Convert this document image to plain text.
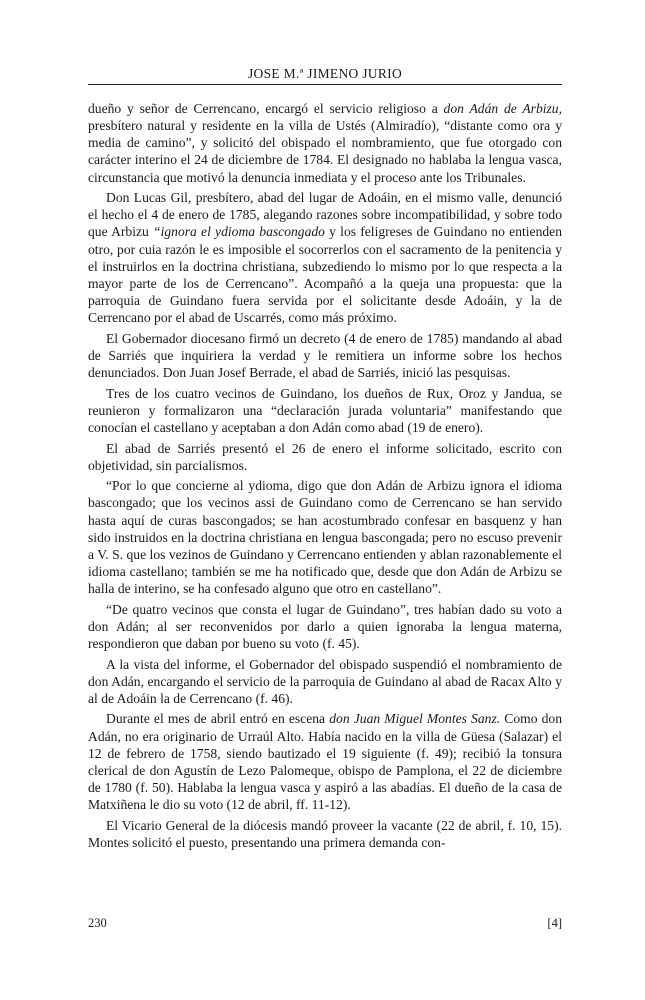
JOSE M.ª JIMENO JURIO

dueño y señor de Cerrencano, encargó el servicio religioso a don Adán de Arbizu, presbítero natural y residente en la villa de Ustés (Almiradío), “distante como ora y media de camino”, y solicitó del obispado el nombramiento, que fue otorgado con carácter interino el 24 de diciembre de 1784. El designado no hablaba la lengua vasca, circunstancia que motivó la denuncia inmediata y el proceso ante los Tribunales.

Don Lucas Gil, presbítero, abad del lugar de Adoáin, en el mismo valle, denunció el hecho el 4 de enero de 1785, alegando razones sobre incompatibilidad, y sobre todo que Arbizu “ignora el ydioma bascongado y los feligreses de Guindano no entienden otro, por cuia razón le es imposible el socorrerlos con el sacramento de la penitencia y el instruirlos en la doctrina christiana, subzediendo lo mismo por lo que respecta a la mayor parte de los de Cerrencano”. Acompañó a la queja una propuesta: que la parroquia de Guindano fuera servida por el solicitante desde Adoáin, y la de Cerrencano por el abad de Uscarrés, como más próximo.

El Gobernador diocesano firmó un decreto (4 de enero de 1785) mandando al abad de Sarriés que inquiriera la verdad y le remitiera un informe sobre los hechos denunciados. Don Juan Josef Berrade, el abad de Sarriés, inició las pesquisas.

Tres de los cuatro vecinos de Guindano, los dueños de Rux, Oroz y Jandua, se reunieron y formalizaron una “declaración jurada voluntaria” manifestando que conocían el castellano y aceptaban a don Adán como abad (19 de enero).

El abad de Sarriés presentó el 26 de enero el informe solicitado, escrito con objetividad, sin parcialismos.

“Por lo que concierne al ydioma, digo que don Adán de Arbizu ignora el idioma bascongado; que los vecinos assi de Guindano como de Cerrencano se han servido hasta aquí de curas bascongados; se han acostumbrado confesar en basquenz y han sido instruidos en la doctrina christiana en lengua bascongada; pero no escuso prevenir a V. S. que los vezinos de Guindano y Cerrencano entienden y ablan razonablemente el idioma castellano; también se me ha notificado que, desde que don Adán de Arbizu se halla de interino, se ha confesado alguno que otro en castellano”.

“De quatro vecinos que consta el lugar de Guindano”, tres habían dado su voto a don Adán; al ser reconvenidos por darlo a quien ignoraba la lengua materna, respondieron que daban por bueno su voto (f. 45).

A la vista del informe, el Gobernador del obispado suspendió el nombramiento de don Adán, encargando el servicio de la parroquia de Guindano al abad de Racax Alto y al de Adoáin la de Cerrencano (f. 46).

Durante el mes de abril entró en escena don Juan Miguel Montes Sanz. Como don Adán, no era originario de Urraúl Alto. Había nacido en la villa de Güesa (Salazar) el 12 de febrero de 1758, siendo bautizado el 19 siguiente (f. 49); recibió la tonsura clerical de don Agustín de Lezo Palomeque, obispo de Pamplona, el 22 de diciembre de 1780 (f. 50). Hablaba la lengua vasca y aspiró a las abadías. El dueño de la casa de Matxiñena le dio su voto (12 de abril, ff. 11-12).

El Vicario General de la diócesis mandó proveer la vacante (22 de abril, f. 10, 15). Montes solicitó el puesto, presentando una primera demanda con-

230	[4]
